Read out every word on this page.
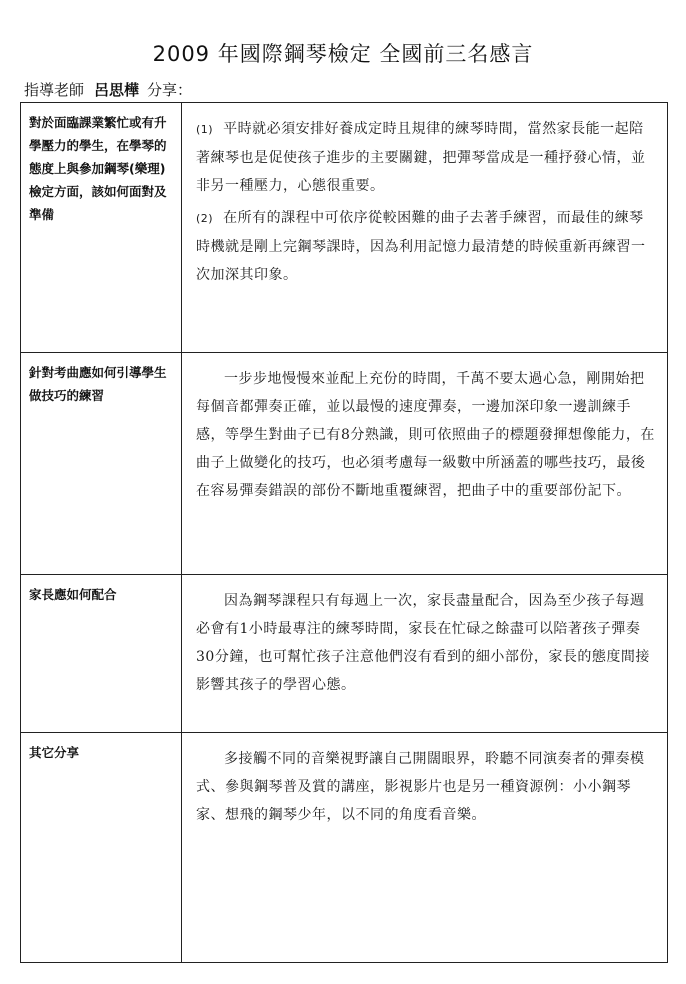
2009 年國際鋼琴檢定 全國前三名感言
指導老師 呂思樺 分享：
對於面臨課業繁忙或有升學壓力的學生，在學琴的態度上與參加鋼琴(樂理)檢定方面，該如何面對及準備	(1) 平時就必須安排好養成定時且規律的練琴時間，當然家長能一起陪著練琴也是促使孩子進步的主要關鍵，把彈琴當成是一種抒發心情，並非另一種壓力，心態很重要。

(2) 在所有的課程中可依序從較困難的曲子去著手練習，而最佳的練琴時機就是剛上完鋼琴課時，因為利用記憶力最清楚的時候重新再練習一次加深其印象。

針對考曲應如何引導學生做技巧的練習	一步步地慢慢來並配上充份的時間，千萬不要太過心急，剛開始把每個音都彈奏正確，並以最慢的速度彈奏，一邊加深印象一邊訓練手感，等學生對曲子已有8分熟識，則可依照曲子的標題發揮想像能力，在曲子上做變化的技巧，也必須考慮每一級數中所涵蓋的哪些技巧，最後在容易彈奏錯誤的部份不斷地重覆練習，把曲子中的重要部份記下。

家長應如何配合	因為鋼琴課程只有每週上一次，家長盡量配合，因為至少孩子每週必會有1小時最專注的練琴時間，家長在忙碌之餘盡可以陪著孩子彈奏30分鐘，也可幫忙孩子注意他們沒有看到的細小部份，家長的態度間接影響其孩子的學習心態。

其它分享	多接觸不同的音樂視野讓自己開闊眼界，聆聽不同演奏者的彈奏模式、參與鋼琴普及賞的講座，影視影片也是另一種資源例：小小鋼琴家、想飛的鋼琴少年，以不同的角度看音樂。
